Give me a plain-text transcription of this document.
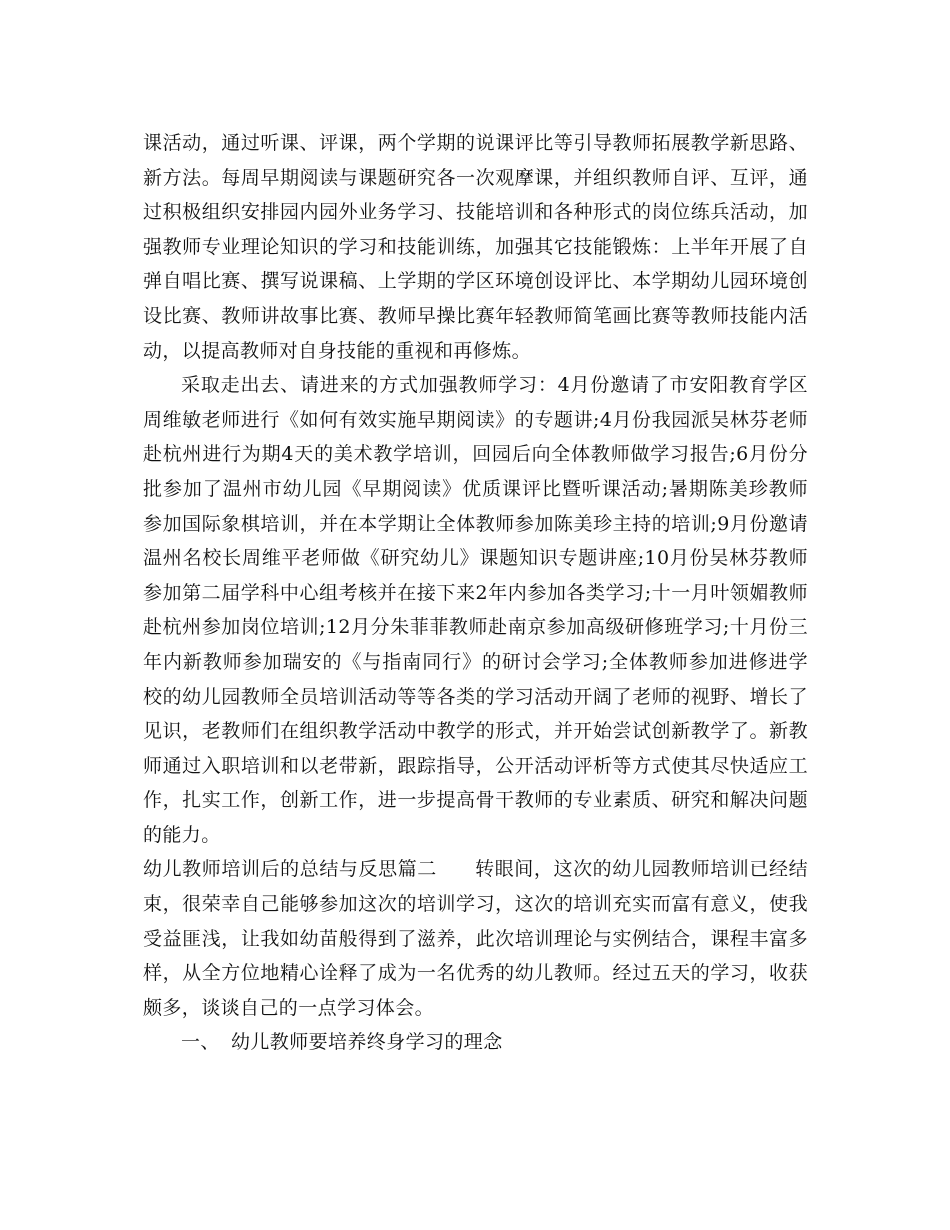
课活动，通过听课、评课，两个学期的说课评比等引导教师拓展教学新思路、新方法。每周早期阅读与课题研究各一次观摩课，并组织教师自评、互评，通过积极组织安排园内园外业务学习、技能培训和各种形式的岗位练兵活动，加强教师专业理论知识的学习和技能训练，加强其它技能锻炼：上半年开展了自弹自唱比赛、撰写说课稿、上学期的学区环境创设评比、本学期幼儿园环境创设比赛、教师讲故事比赛、教师早操比赛年轻教师简笔画比赛等教师技能内活动，以提高教师对自身技能的重视和再修炼。

采取走出去、请进来的方式加强教师学习：4月份邀请了市安阳教育学区周维敏老师进行《如何有效实施早期阅读》的专题讲;4月份我园派吴林芬老师赴杭州进行为期4天的美术教学培训，回园后向全体教师做学习报告;6月份分批参加了温州市幼儿园《早期阅读》优质课评比暨听课活动;暑期陈美珍教师参加国际象棋培训，并在本学期让全体教师参加陈美珍主持的培训;9月份邀请温州名校长周维平老师做《研究幼儿》课题知识专题讲座;10月份吴林芬教师参加第二届学科中心组考核并在接下来2年内参加各类学习;十一月叶领媚教师赴杭州参加岗位培训;12月分朱菲菲教师赴南京参加高级研修班学习;十月份三年内新教师参加瑞安的《与指南同行》的研讨会学习;全体教师参加进修进学校的幼儿园教师全员培训活动等等各类的学习活动开阔了老师的视野、增长了见识，老教师们在组织教学活动中教学的形式，并开始尝试创新教学了。新教师通过入职培训和以老带新，跟踪指导，公开活动评析等方式使其尽快适应工作，扎实工作，创新工作，进一步提高骨干教师的专业素质、研究和解决问题的能力。

幼儿教师培训后的总结与反思篇二 转眼间，这次的幼儿园教师培训已经结束，很荣幸自己能够参加这次的培训学习，这次的培训充实而富有意义，使我受益匪浅，让我如幼苗般得到了滋养，此次培训理论与实例结合，课程丰富多样，从全方位地精心诠释了成为一名优秀的幼儿教师。经过五天的学习，收获颇多，谈谈自己的一点学习体会。

一、 幼儿教师要培养终身学习的理念
